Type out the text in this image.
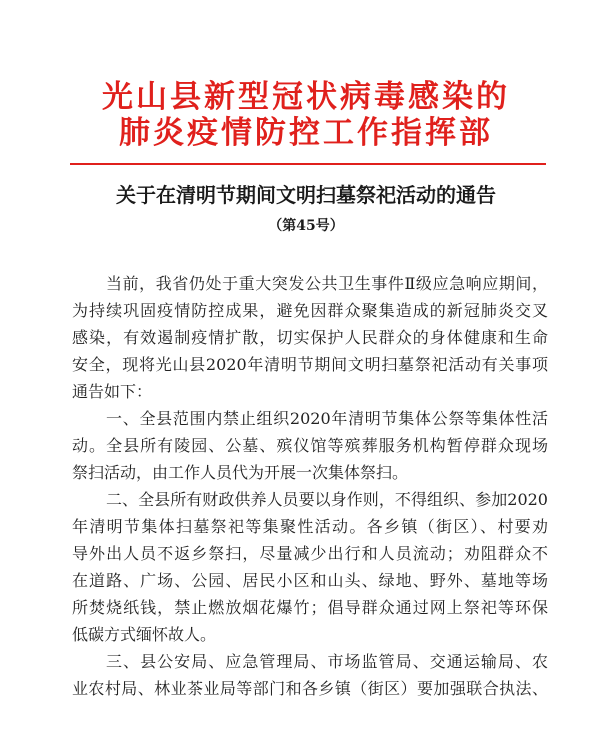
光山县新型冠状病毒感染的
肺炎疫情防控工作指挥部
关于在清明节期间文明扫墓祭祀活动的通告
（第45号）
当前，我省仍处于重大突发公共卫生事件Ⅱ级应急响应期间，
为持续巩固疫情防控成果，避免因群众聚集造成的新冠肺炎交叉
感染，有效遏制疫情扩散，切实保护人民群众的身体健康和生命
安全，现将光山县2020年清明节期间文明扫墓祭祀活动有关事项
通告如下：
一、全县范围内禁止组织2020年清明节集体公祭等集体性活
动。全县所有陵园、公墓、殡仪馆等殡葬服务机构暂停群众现场
祭扫活动，由工作人员代为开展一次集体祭扫。
二、全县所有财政供养人员要以身作则，不得组织、参加2020
年清明节集体扫墓祭祀等集聚性活动。各乡镇（街区）、村要劝
导外出人员不返乡祭扫，尽量减少出行和人员流动；劝阻群众不
在道路、广场、公园、居民小区和山头、绿地、野外、墓地等场
所焚烧纸钱，禁止燃放烟花爆竹；倡导群众通过网上祭祀等环保
低碳方式缅怀故人。
三、县公安局、应急管理局、市场监管局、交通运输局、农
业农村局、林业茶业局等部门和各乡镇（街区）要加强联合执法、
